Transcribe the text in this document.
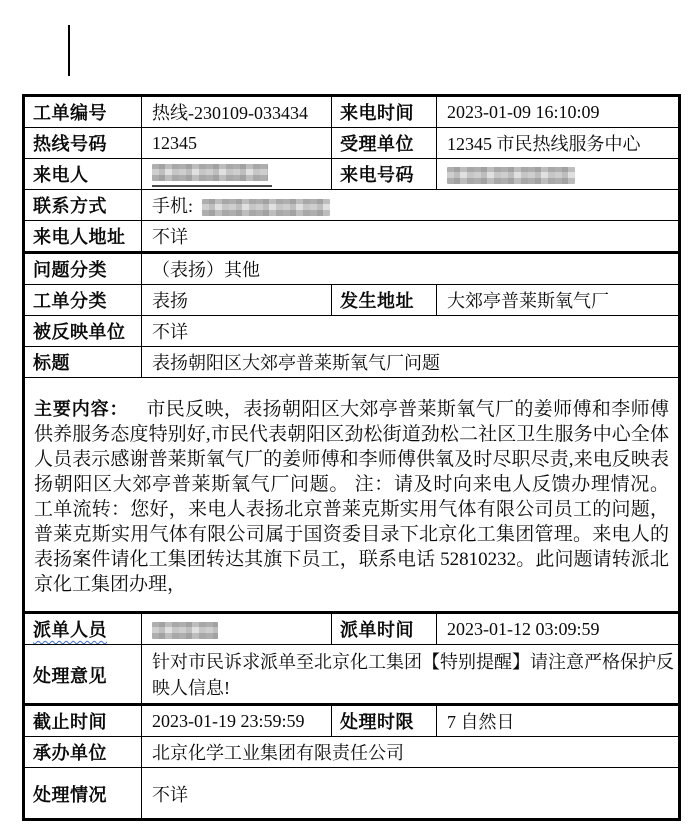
工单编号	热线-230109-033434	来电时间	2023-01-09 16:10:09
热线号码	12345	受理单位	12345 市民热线服务中心
来电人		来电号码	
联系方式	手机:		
来电人地址	不详		
问题分类	（表扬）其他		
工单分类	表扬	发生地址	大郊亭普莱斯氧气厂
被反映单位	不详		
标题	表扬朝阳区大郊亭普莱斯氧气厂问题		
主要内容： 市民反映，表扬朝阳区大郊亭普莱斯氧气厂的姜师傅和李师傅供养服务态度特别好,市民代表朝阳区劲松街道劲松二社区卫生服务中心全体人员表示感谢普莱斯氧气厂的姜师傅和李师傅供氧及时尽职尽责,来电反映表扬朝阳区大郊亭普莱斯氧气厂问题。 注：请及时向来电人反馈办理情况。 工单流转：您好，来电人表扬北京普莱克斯实用气体有限公司员工的问题，普莱克斯实用气体有限公司属于国资委目录下北京化工集团管理。来电人的表扬案件请化工集团转达其旗下员工，联系电话 52810232。此问题请转派北京化工集团办理，			
派单人员		派单时间	2023-01-12 03:09:59
处理意见	针对市民诉求派单至北京化工集团【特别提醒】请注意严格保护反映人信息!		
截止时间	2023-01-19 23:59:59	处理时限	7 自然日
承办单位	北京化学工业集团有限责任公司		
处理情况	不详		
